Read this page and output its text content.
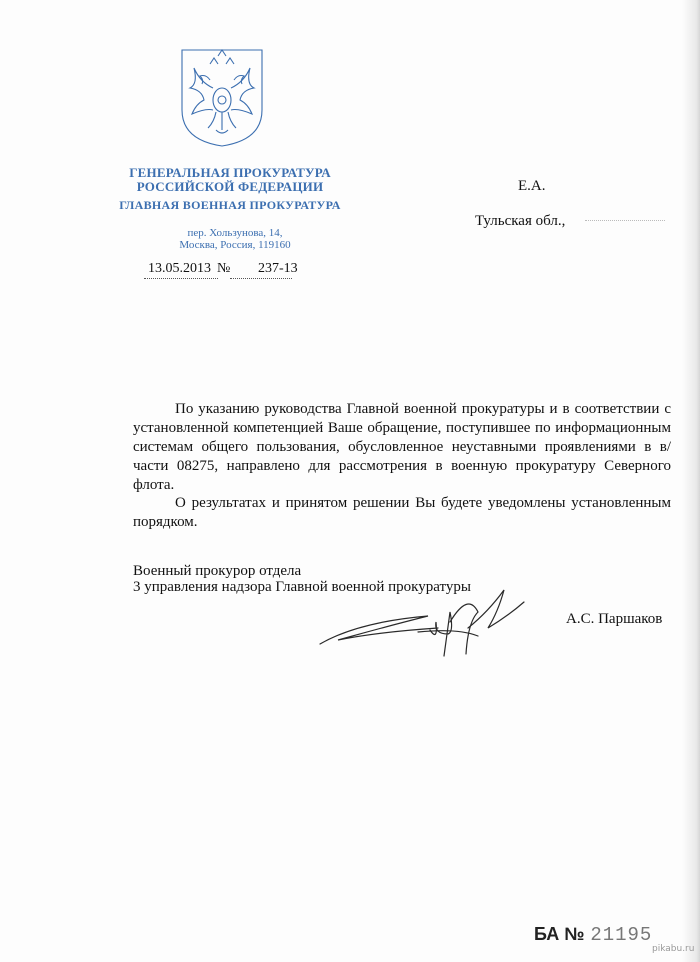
ГЕНЕРАЛЬНАЯ ПРОКУРАТУРА
РОССИЙСКОЙ ФЕДЕРАЦИИ
ГЛАВНАЯ ВОЕННАЯ ПРОКУРАТУРА
пер. Хользунова, 14,
Москва, Россия, 119160
13.05.2013 № 237-13
Е.А.
Тульская обл.,

По указанию руководства Главной военной прокуратуры и в соответствии с установленной компетенцией Ваше обращение, поступившее по информационным системам общего пользования, обусловленное неуставными проявлениями в в/части 08275, направлено для рассмотрения в военную прокуратуру Северного флота.

О результатах и принятом решении Вы будете уведомлены установленным порядком.

Военный прокурор отдела
3 управления надзора Главной военной прокуратуры
А.С. Паршаков
БА № 21195
pikabu.ru
